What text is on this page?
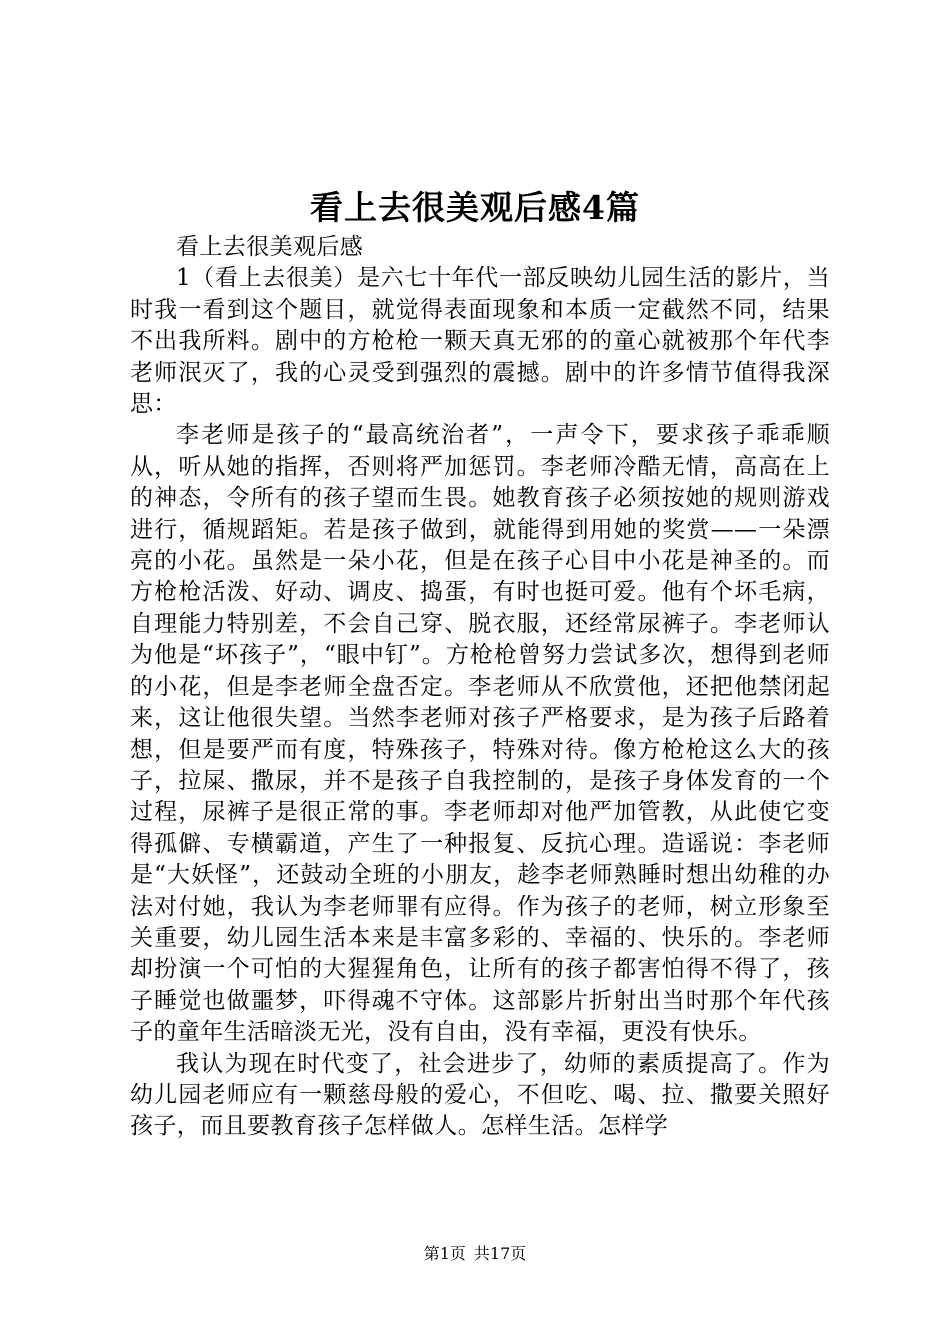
看上去很美观后感4篇

看上去很美观后感

1（看上去很美）是六七十年代一部反映幼儿园生活的影片，当时我一看到这个题目，就觉得表面现象和本质一定截然不同，结果不出我所料。剧中的方枪枪一颗天真无邪的的童心就被那个年代李老师泯灭了，我的心灵受到强烈的震撼。剧中的许多情节值得我深思：

李老师是孩子的“最高统治者”，一声令下，要求孩子乖乖顺从，听从她的指挥，否则将严加惩罚。李老师冷酷无情，高高在上的神态，令所有的孩子望而生畏。她教育孩子必须按她的规则游戏进行，循规蹈矩。若是孩子做到，就能得到用她的奖赏——一朵漂亮的小花。虽然是一朵小花，但是在孩子心目中小花是神圣的。而方枪枪活泼、好动、调皮、捣蛋，有时也挺可爱。他有个坏毛病，自理能力特别差，不会自己穿、脱衣服，还经常尿裤子。李老师认为他是“坏孩子”，“眼中钉”。方枪枪曾努力尝试多次，想得到老师的小花，但是李老师全盘否定。李老师从不欣赏他，还把他禁闭起来，这让他很失望。当然李老师对孩子严格要求，是为孩子后路着想，但是要严而有度，特殊孩子，特殊对待。像方枪枪这么大的孩子，拉屎、撒尿，并不是孩子自我控制的，是孩子身体发育的一个过程，尿裤子是很正常的事。李老师却对他严加管教，从此使它变得孤僻、专横霸道，产生了一种报复、反抗心理。造谣说：李老师是“大妖怪”，还鼓动全班的小朋友，趁李老师熟睡时想出幼稚的办法对付她，我认为李老师罪有应得。作为孩子的老师，树立形象至关重要，幼儿园生活本来是丰富多彩的、幸福的、快乐的。李老师却扮演一个可怕的大猩猩角色，让所有的孩子都害怕得不得了，孩子睡觉也做噩梦，吓得魂不守体。这部影片折射出当时那个年代孩子的童年生活暗淡无光，没有自由，没有幸福，更没有快乐。

我认为现在时代变了，社会进步了，幼师的素质提高了。作为幼儿园老师应有一颗慈母般的爱心，不但吃、喝、拉、撒要关照好孩子，而且要教育孩子怎样做人。怎样生活。怎样学

第1页 共17页
